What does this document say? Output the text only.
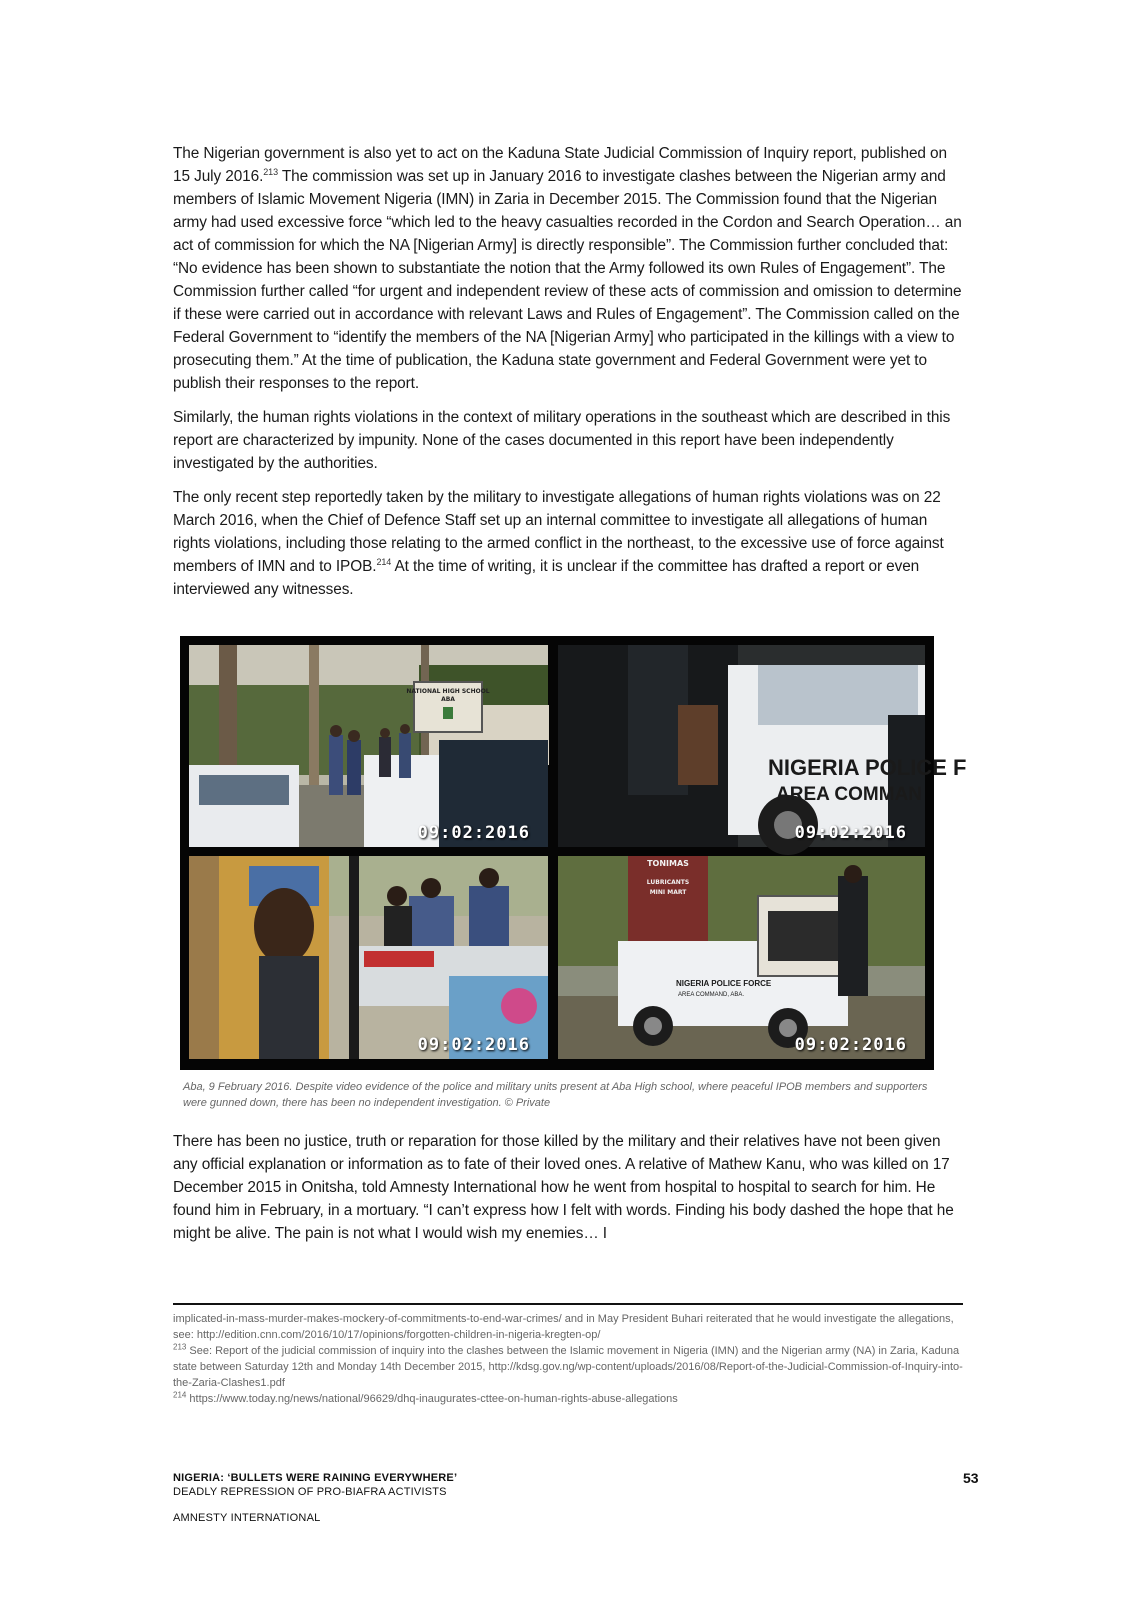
The Nigerian government is also yet to act on the Kaduna State Judicial Commission of Inquiry report, published on 15 July 2016.$^{213}$ The commission was set up in January 2016 to investigate clashes between the Nigerian army and members of Islamic Movement Nigeria (IMN) in Zaria in December 2015. The Commission found that the Nigerian army had used excessive force “which led to the heavy casualties recorded in the Cordon and Search Operation… an act of commission for which the NA [Nigerian Army] is directly responsible”. The Commission further concluded that: “No evidence has been shown to substantiate the notion that the Army followed its own Rules of Engagement”. The Commission further called “for urgent and independent review of these acts of commission and omission to determine if these were carried out in accordance with relevant Laws and Rules of Engagement”. The Commission called on the Federal Government to “identify the members of the NA [Nigerian Army] who participated in the killings with a view to prosecuting them.” At the time of publication, the Kaduna state government and Federal Government were yet to publish their responses to the report.

Similarly, the human rights violations in the context of military operations in the southeast which are described in this report are characterized by impunity. None of the cases documented in this report have been independently investigated by the authorities.

The only recent step reportedly taken by the military to investigate allegations of human rights violations was on 22 March 2016, when the Chief of Defence Staff set up an internal committee to investigate all allegations of human rights violations, including those relating to the armed conflict in the northeast, to the excessive use of force against members of IMN and to IPOB.$^{214}$ At the time of writing, it is unclear if the committee has drafted a report or even interviewed any witnesses.

NATIONAL HIGH SCHOOL
ABA
09:02:2016
NIGERIA POLICE F
AREA COMMAN
09:02:2016
09:02:2016
TONIMAS
LUBRICANTS
MINI MART
NIGERIA POLICE FORCE
AREA COMMAND, ABA.
09:02:2016
Aba, 9 February 2016. Despite video evidence of the police and military units present at Aba High school, where peaceful IPOB members and supporters were gunned down, there has been no independent investigation. © Private

There has been no justice, truth or reparation for those killed by the military and their relatives have not been given any official explanation or information as to fate of their loved ones. A relative of Mathew Kanu, who was killed on 17 December 2015 in Onitsha, told Amnesty International how he went from hospital to hospital to search for him. He found him in February, in a mortuary. “I can’t express how I felt with words. Finding his body dashed the hope that he might be alive. The pain is not what I would wish my enemies… I

implicated-in-mass-murder-makes-mockery-of-commitments-to-end-war-crimes/ and in May President Buhari reiterated that he would investigate the allegations, see: http://edition.cnn.com/2016/10/17/opinions/forgotten-children-in-nigeria-kregten-op/
$^{213}$ See: Report of the judicial commission of inquiry into the clashes between the Islamic movement in Nigeria (IMN) and the Nigerian army (NA) in Zaria, Kaduna state between Saturday 12th and Monday 14th December 2015, http://kdsg.gov.ng/wp-content/uploads/2016/08/Report-of-the-Judicial-Commission-of-Inquiry-into-the-Zaria-Clashes1.pdf
$^{214}$ https://www.today.ng/news/national/96629/dhq-inaugurates-cttee-on-human-rights-abuse-allegations
NIGERIA: ‘BULLETS WERE RAINING EVERYWHERE’
DEADLY REPRESSION OF PRO-BIAFRA ACTIVISTS
AMNESTY INTERNATIONAL
53
